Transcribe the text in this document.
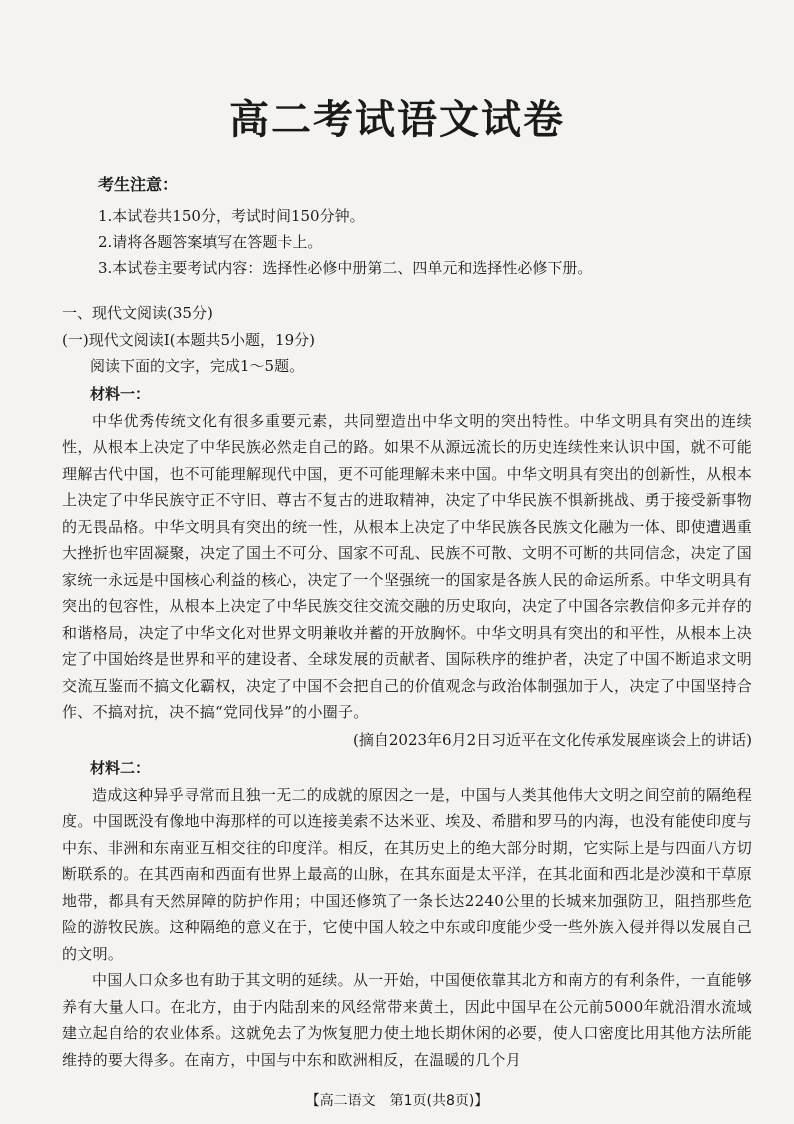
高二考试语文试卷

考生注意：

1.本试卷共150分，考试时间150分钟。

2.请将各题答案填写在答题卡上。

3.本试卷主要考试内容：选择性必修中册第二、四单元和选择性必修下册。

一、现代文阅读(35分)

(一)现代文阅读Ⅰ(本题共5小题，19分)

阅读下面的文字，完成1～5题。

材料一：

中华优秀传统文化有很多重要元素，共同塑造出中华文明的突出特性。中华文明具有突出的连续性，从根本上决定了中华民族必然走自己的路。如果不从源远流长的历史连续性来认识中国，就不可能理解古代中国，也不可能理解现代中国，更不可能理解未来中国。中华文明具有突出的创新性，从根本上决定了中华民族守正不守旧、尊古不复古的进取精神，决定了中华民族不惧新挑战、勇于接受新事物的无畏品格。中华文明具有突出的统一性，从根本上决定了中华民族各民族文化融为一体、即使遭遇重大挫折也牢固凝聚，决定了国土不可分、国家不可乱、民族不可散、文明不可断的共同信念，决定了国家统一永远是中国核心利益的核心，决定了一个坚强统一的国家是各族人民的命运所系。中华文明具有突出的包容性，从根本上决定了中华民族交往交流交融的历史取向，决定了中国各宗教信仰多元并存的和谐格局，决定了中华文化对世界文明兼收并蓄的开放胸怀。中华文明具有突出的和平性，从根本上决定了中国始终是世界和平的建设者、全球发展的贡献者、国际秩序的维护者，决定了中国不断追求文明交流互鉴而不搞文化霸权，决定了中国不会把自己的价值观念与政治体制强加于人，决定了中国坚持合作、不搞对抗，决不搞“党同伐异”的小圈子。

(摘自2023年6月2日习近平在文化传承发展座谈会上的讲话)

材料二：

造成这种异乎寻常而且独一无二的成就的原因之一是，中国与人类其他伟大文明之间空前的隔绝程度。中国既没有像地中海那样的可以连接美索不达米亚、埃及、希腊和罗马的内海，也没有能使印度与中东、非洲和东南亚互相交往的印度洋。相反，在其历史上的绝大部分时期，它实际上是与四面八方切断联系的。在其西南和西面有世界上最高的山脉，在其东面是太平洋，在其北面和西北是沙漠和干草原地带，都具有天然屏障的防护作用；中国还修筑了一条长达2240公里的长城来加强防卫，阻挡那些危险的游牧民族。这种隔绝的意义在于，它使中国人较之中东或印度能少受一些外族入侵并得以发展自己的文明。

中国人口众多也有助于其文明的延续。从一开始，中国便依靠其北方和南方的有利条件，一直能够养有大量人口。在北方，由于内陆刮来的风经常带来黄土，因此中国早在公元前5000年就沿渭水流域建立起自给的农业体系。这就免去了为恢复肥力使土地长期休闲的必要，使人口密度比用其他方法所能维持的要大得多。在南方，中国与中东和欧洲相反，在温暖的几个月

【高二语文　第1页(共8页)】
